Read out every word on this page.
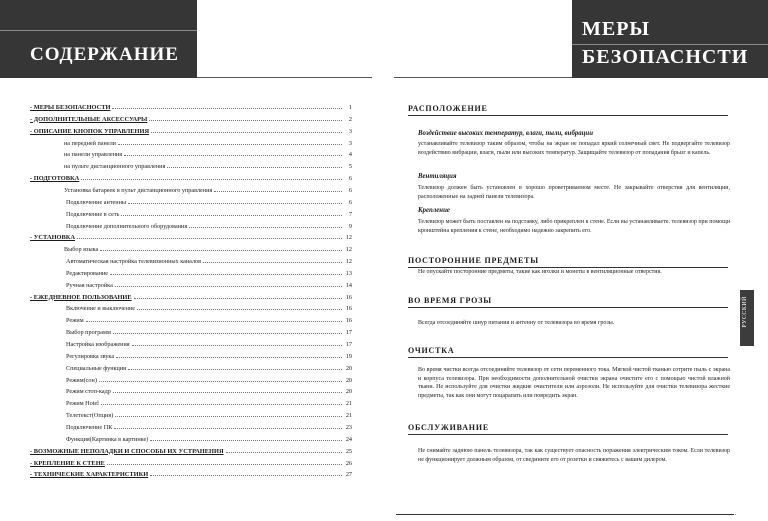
СОДЕРЖАНИЕ
- МЕРЫ БЕЗОПАСНОСТИ	1
- ДОПОЛНИТЕЛЬНЫЕ АКСЕССУАРЫ	2
- ОПИСАНИЕ КНОПОК УПРАВЛЕНИЯ	3
на передней панели	3
на панели управления	4
на пульте дистанционного управления	5
- ПОДГОТОВКА	6
Установка батареек в пульт дистанционного управления	6
Подключение антенны	6
Подключение в сеть	7
Подключение дополнительного оборудования	9
- УСТАНОВКА	12
Выбор языка	12
Автоматическая настройка телевизионных каналов	12
Редактирование	13
Ручная настройка	14
- ЕЖЕДНЕВНОЕ ПОЛЬЗОВАНИЕ	16
Включение и выключение	16
Режим	16
Выбор программ	17
Настройка изображения	17
Регулировка звука	19
Специальные функции	20
Режим(сон)	20
Режим стоп-кадр	20
Режим Hotel	21
Телетекст(Опция)	21
Подключение ПК	23
Функция(Картинка в картинке)	24
- ВОЗМОЖНЫЕ НЕПОЛАДКИ И СПОСОБЫ ИХ УСТРАНЕНИЯ	25
- КРЕПЛЕНИЕ К СТЕНЕ	26
- ТЕХНИЧЕСКИЕ ХАРАКТЕРИСТИКИ	27
МЕРЫ
БЕЗОПАСНСТИ
РАСПОЛОЖЕНИЕ
Воздействие высоких температур, влаги, пыли, вибрации
устанавливайте телевизор таким образом, чтобы на экран не попадал яркий солнечный свет. Не подвергайте телевизор воздействию вибрации, влаги, пыли или высоких температур. Защищайте телевизор от попадания брызг и капель.
Вентиляция
Телевизор должен быть установлен в хорошо проветриваемом месте. Не закрывайте отверстия для вентиляции, расположенные на задней панели телевизора.
Крепление
Телевизор может быть поставлен на подставку, либо прикреплен к стене. Если вы устанавливаете. телевизор при помощи кронштейна крепления к стене, необходимо надежно закрепить его.
ПОСТОРОННИЕ ПРЕДМЕТЫ
Не опускайте посторонние предметы, такие как иголки и монеты в вентиляционные отверстия.
ВО ВРЕМЯ ГРОЗЫ
Всегда отсоединяйте шнур питания и антенну от телевизора во время грозы.
ОЧИСТКА
Во время чистки всегда отсоединяйте телевизор от сети переменного тока. Мягкой чистой тканью сотрите пыль с экрана и корпуса телевизора. При необходимости дополнительной очистки экрана очистите его с помощью чистой влажной ткани. Не используйте для очистки жидкие очистители или аэрозоли. Не используйте для очистки телевизора жесткие предметы, так как они могут поцарапать или повредить экран.
ОБСЛУЖИВАНИЕ
Не снимайте заднюю панель телевизора, так как существует опасность поражения электрическим током. Если телевизор не функционирует должным образом, от сведините его от розетки и свяжитесь с вашим дилером.
РУССКИЙ
.
